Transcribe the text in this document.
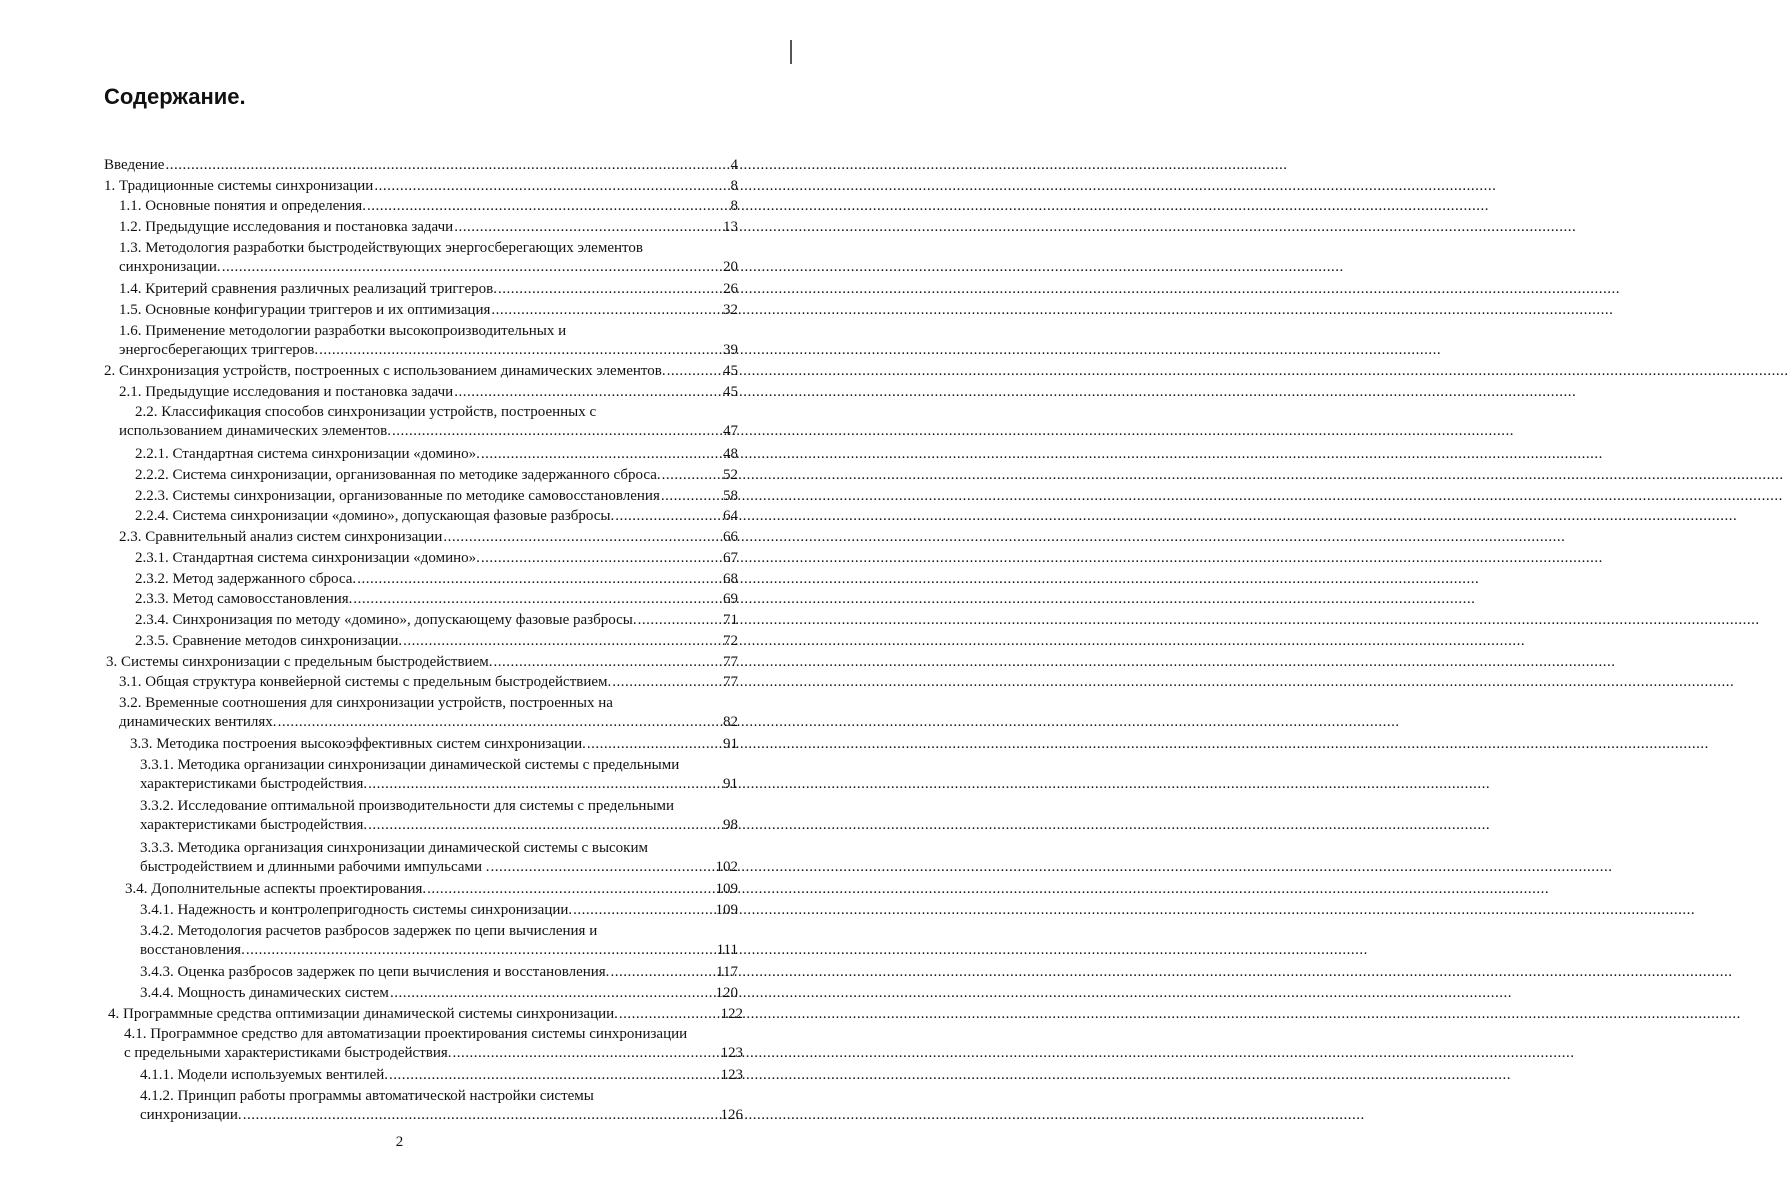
Содержание.
Введение .....	4
1. Традиционные системы синхронизации .....	8
1.1. Основные понятия и определения. .....	8
1.2. Предыдущие исследования и постановка задачи .....	13
1.3. Методология разработки быстродействующих энергосберегающих элементов
синхронизации. .....	20
1.4. Критерий сравнения различных реализаций триггеров. .....	26
1.5. Основные конфигурации триггеров и их оптимизация .....	32
1.6. Применение методологии разработки высокопроизводительных и
энергосберегающих триггеров. .....	39
2. Синхронизация устройств, построенных с использованием динамических элементов. .....	45
2.1. Предыдущие исследования и постановка задачи .....	45
2.2. Классификация способов синхронизации устройств, построенных с
использованием динамических элементов. .....	47
2.2.1. Стандартная система синхронизации «домино». .....	48
2.2.2. Система синхронизации, организованная по методике задержанного сброса. .....	52
2.2.3. Системы синхронизации, организованные по методике самовосстановления .....	58
2.2.4. Система синхронизации «домино», допускающая фазовые разбросы. .....	64
2.3. Сравнительный анализ систем синхронизации .....	66
2.3.1. Стандартная система синхронизации «домино». .....	67
2.3.2. Метод задержанного сброса. .....	68
2.3.3. Метод самовосстановления. .....	69
2.3.4. Синхронизация по методу «домино», допускающему фазовые разбросы. .....	71
2.3.5. Сравнение методов синхронизации. .....	72
3. Системы синхронизации с предельным быстродействием. .....	77
3.1. Общая структура конвейерной системы с предельным быстродействием. .....	77
3.2. Временные соотношения для синхронизации устройств, построенных на
динамических вентилях. .....	82
3.3. Методика построения высокоэффективных систем синхронизации. .....	91
3.3.1. Методика организации синхронизации динамической системы с предельными
характеристиками быстродействия. .....	91
3.3.2. Исследование оптимальной производительности для системы с предельными
характеристиками быстродействия. .....	98
3.3.3. Методика организация синхронизации динамической системы с высоким
быстродействием и длинными рабочими импульсами . .....	102
3.4. Дополнительные аспекты проектирования. .....	109
3.4.1. Надежность и контролепригодность системы синхронизации. .....	109
3.4.2. Методология расчетов разбросов задержек по цепи вычисления и
восстановления. .....	111
3.4.3. Оценка разбросов задержек по цепи вычисления и восстановления. .....	117
3.4.4. Мощность динамических систем .....	120
4. Программные средства оптимизации динамической системы синхронизации. .....	122
4.1. Программное средство для автоматизации проектирования системы синхронизации
с предельными характеристиками быстродействия. .....	123
4.1.1. Модели используемых вентилей. .....	123
4.1.2. Принцип работы программы автоматической настройки системы
синхронизации. .....	126
2
